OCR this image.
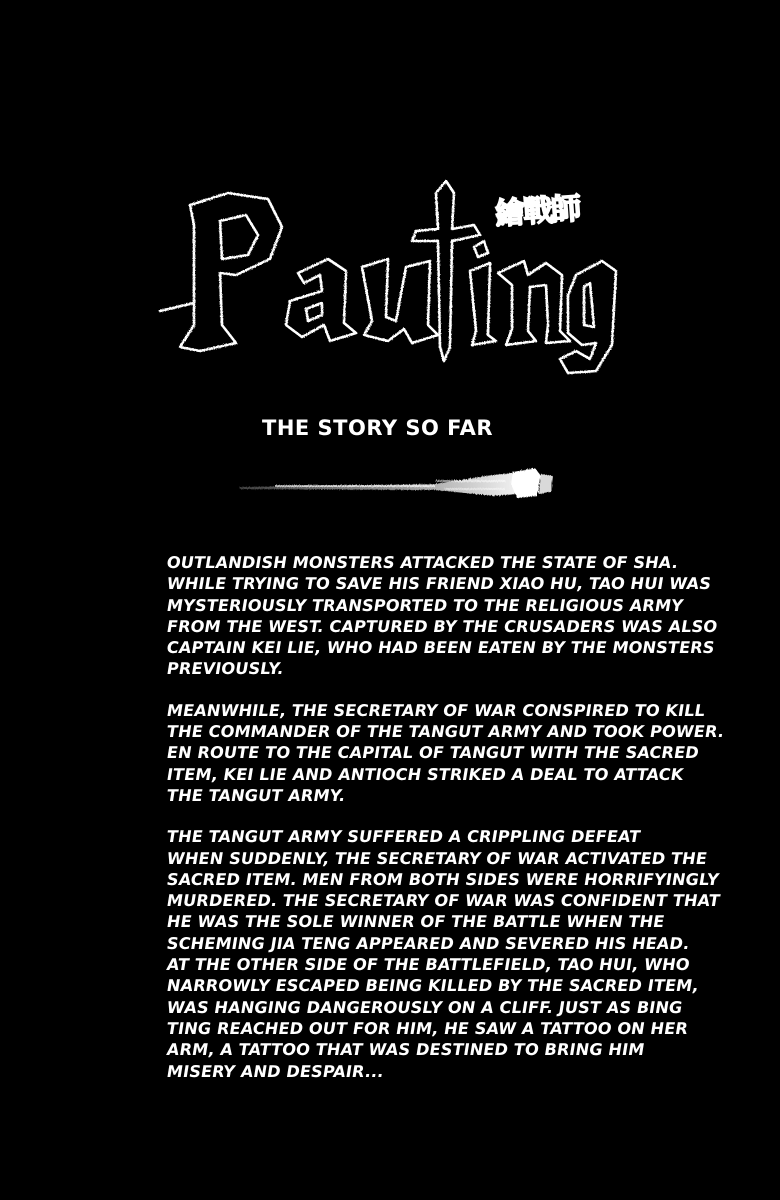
繪戰師
THE STORY SO FAR
OUTLANDISH MONSTERS ATTACKED THE STATE OF SHA.
WHILE TRYING TO SAVE HIS FRIEND XIAO HU, TAO HUI WAS
MYSTERIOUSLY TRANSPORTED TO THE RELIGIOUS ARMY
FROM THE WEST. CAPTURED BY THE CRUSADERS WAS ALSO
CAPTAIN KEI LIE, WHO HAD BEEN EATEN BY THE MONSTERS
PREVIOUSLY.
MEANWHILE, THE SECRETARY OF WAR CONSPIRED TO KILL
THE COMMANDER OF THE TANGUT ARMY AND TOOK POWER.
EN ROUTE TO THE CAPITAL OF TANGUT WITH THE SACRED
ITEM, KEI LIE AND ANTIOCH STRIKED A DEAL TO ATTACK
THE TANGUT ARMY.
THE TANGUT ARMY SUFFERED A CRIPPLING DEFEAT
WHEN SUDDENLY, THE SECRETARY OF WAR ACTIVATED THE
SACRED ITEM. MEN FROM BOTH SIDES WERE HORRIFYINGLY
MURDERED. THE SECRETARY OF WAR WAS CONFIDENT THAT
HE WAS THE SOLE WINNER OF THE BATTLE WHEN THE
SCHEMING JIA TENG APPEARED AND SEVERED HIS HEAD.
AT THE OTHER SIDE OF THE BATTLEFIELD, TAO HUI, WHO
NARROWLY ESCAPED BEING KILLED BY THE SACRED ITEM,
WAS HANGING DANGEROUSLY ON A CLIFF. JUST AS BING
TING REACHED OUT FOR HIM, HE SAW A TATTOO ON HER
ARM, A TATTOO THAT WAS DESTINED TO BRING HIM
MISERY AND DESPAIR...
